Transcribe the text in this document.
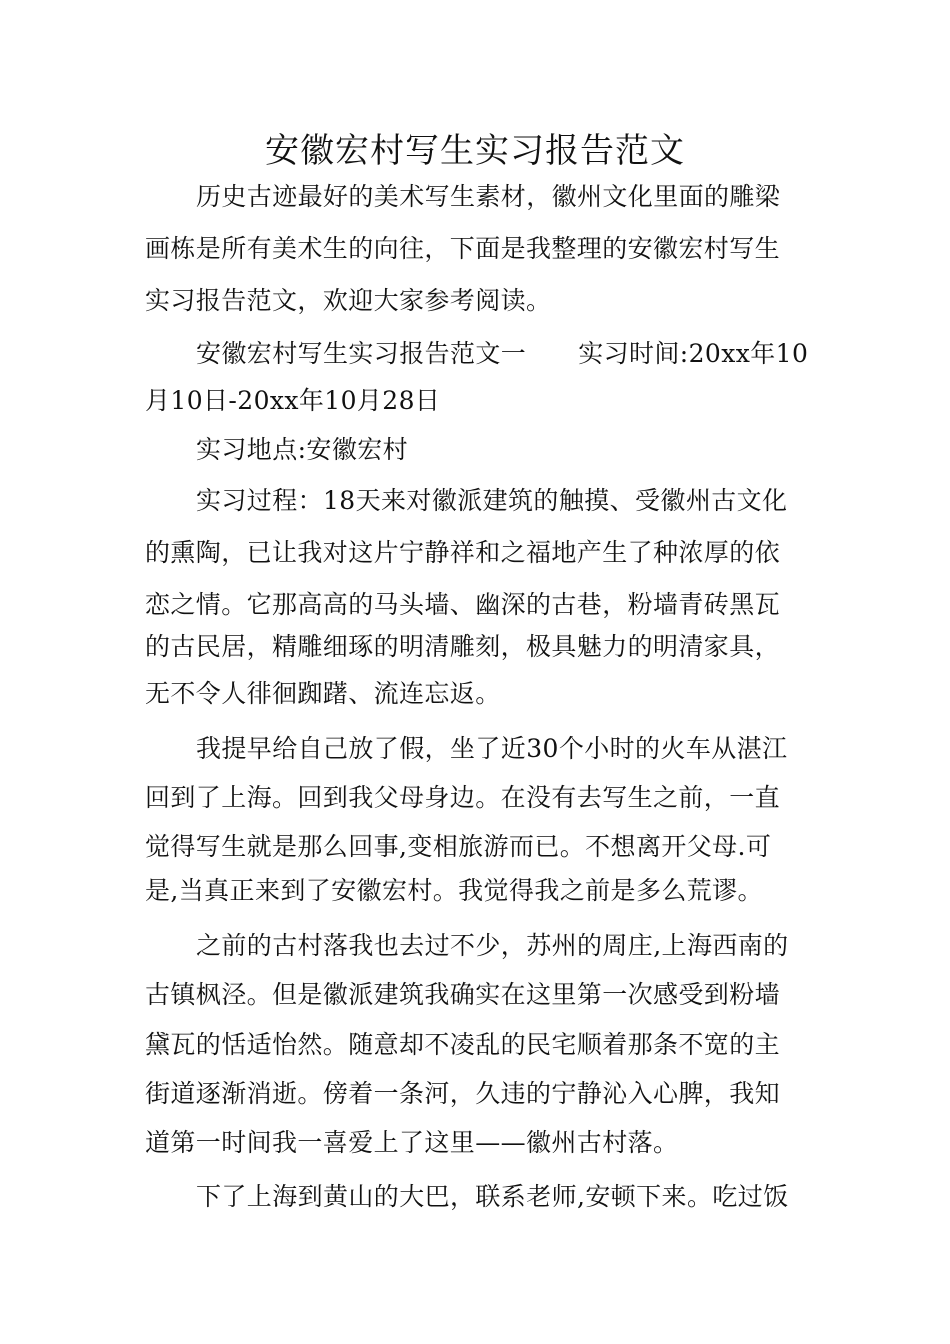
安徽宏村写生实习报告范文
历史古迹最好的美术写生素材，徽州文化里面的雕梁
画栋是所有美术生的向往，下面是我整理的安徽宏村写生
实习报告范文，欢迎大家参考阅读。
安徽宏村写生实习报告范文一 实习时间:20xx年10
月10日-20xx年10月28日
实习地点:安徽宏村
实习过程：18天来对徽派建筑的触摸、受徽州古文化
的熏陶，已让我对这片宁静祥和之福地产生了种浓厚的依
恋之情。它那高高的马头墙、幽深的古巷，粉墙青砖黑瓦
的古民居，精雕细琢的明清雕刻，极具魅力的明清家具，
无不令人徘徊踟躇、流连忘返。
我提早给自己放了假，坐了近30个小时的火车从湛江
回到了上海。回到我父母身边。在没有去写生之前，一直
觉得写生就是那么回事,变相旅游而已。不想离开父母.可
是,当真正来到了安徽宏村。我觉得我之前是多么荒谬。
之前的古村落我也去过不少，苏州的周庄,上海西南的
古镇枫泾。但是徽派建筑我确实在这里第一次感受到粉墙
黛瓦的恬适怡然。随意却不凌乱的民宅顺着那条不宽的主
街道逐渐消逝。傍着一条河，久违的宁静沁入心脾，我知
道第一时间我一喜爱上了这里——徽州古村落。
下了上海到黄山的大巴，联系老师,安顿下来。吃过饭
